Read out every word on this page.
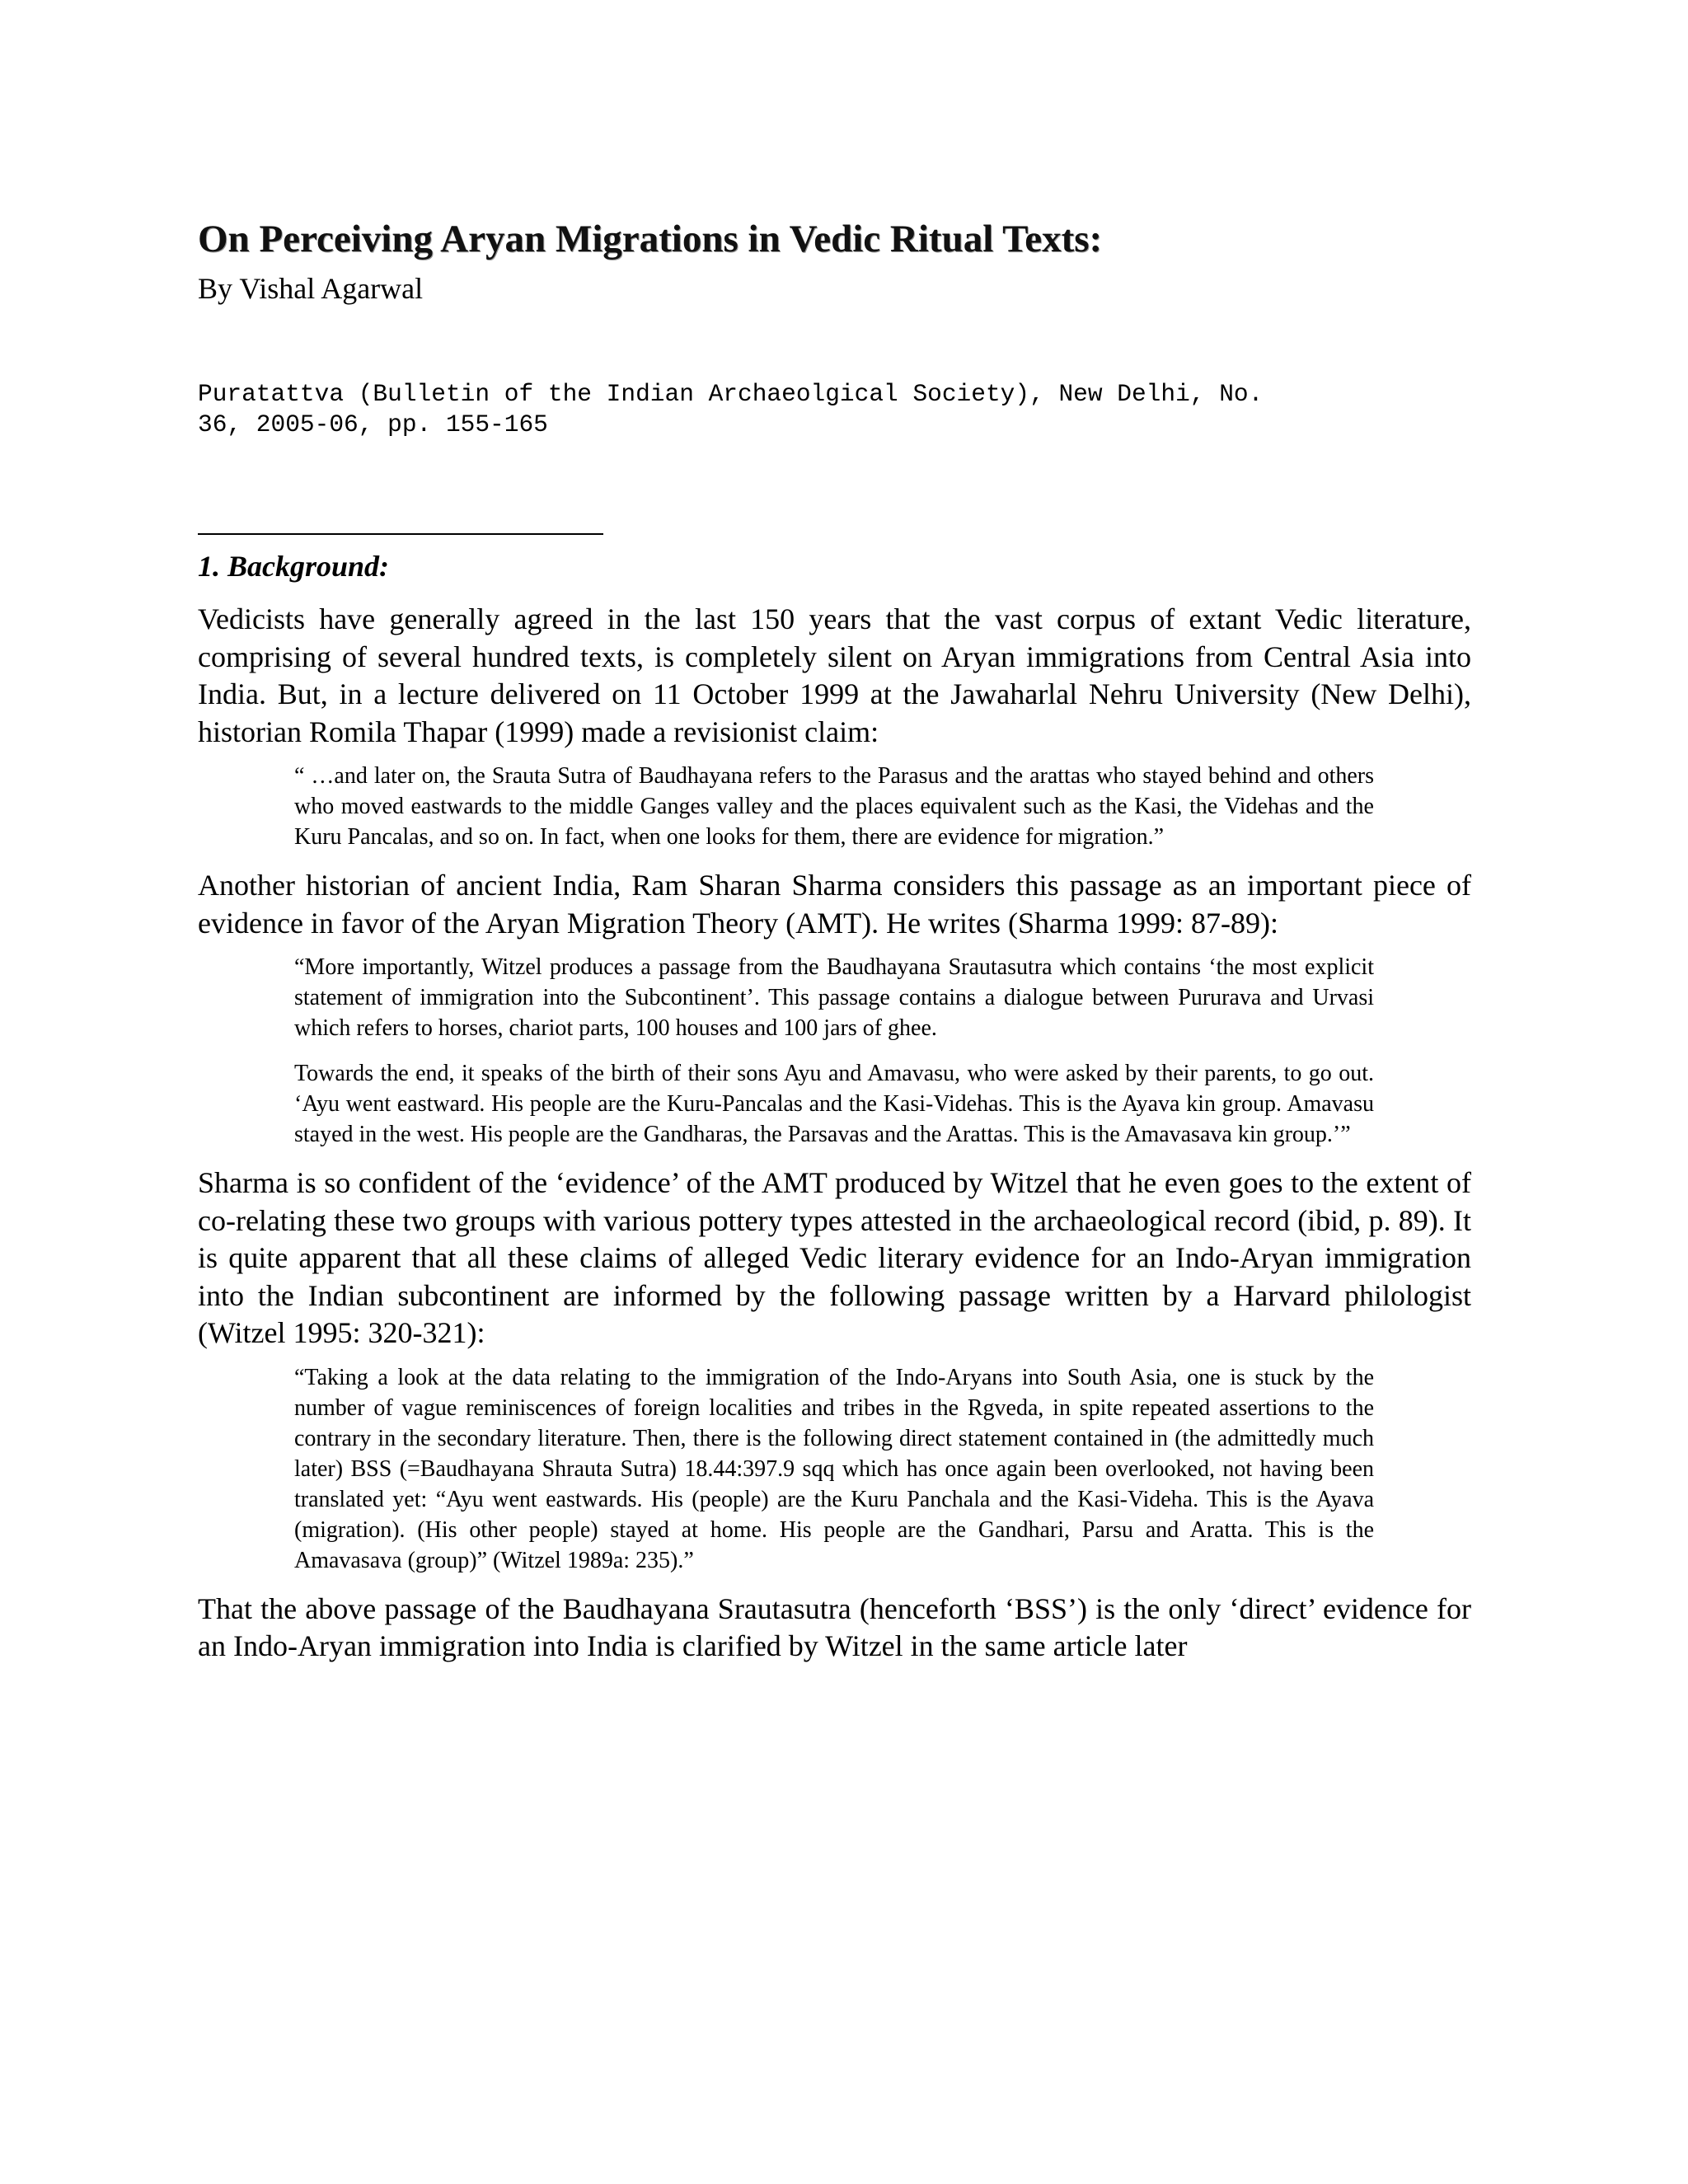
On Perceiving Aryan Migrations in Vedic Ritual Texts:
By Vishal Agarwal
Puratattva (Bulletin of the Indian Archaeolgical Society), New Delhi, No.
36, 2005-06, pp. 155-165
1. Background:

Vedicists have generally agreed in the last 150 years that the vast corpus of extant Vedic literature, comprising of several hundred texts, is completely silent on Aryan immigrations from Central Asia into India. But, in a lecture delivered on 11 October 1999 at the Jawaharlal Nehru University (New Delhi), historian Romila Thapar (1999) made a revisionist claim:

“ …and later on, the Srauta Sutra of Baudhayana refers to the Parasus and the arattas who stayed behind and others who moved eastwards to the middle Ganges valley and the places equivalent such as the Kasi, the Videhas and the Kuru Pancalas, and so on. In fact, when one looks for them, there are evidence for migration.”

Another historian of ancient India, Ram Sharan Sharma considers this passage as an important piece of evidence in favor of the Aryan Migration Theory (AMT). He writes (Sharma 1999: 87-89):

“More importantly, Witzel produces a passage from the Baudhayana Srautasutra which contains ‘the most explicit statement of immigration into the Subcontinent’. This passage contains a dialogue between Pururava and Urvasi which refers to horses, chariot parts, 100 houses and 100 jars of ghee.

Towards the end, it speaks of the birth of their sons Ayu and Amavasu, who were asked by their parents, to go out. ‘Ayu went eastward. His people are the Kuru-Pancalas and the Kasi-Videhas. This is the Ayava kin group. Amavasu stayed in the west. His people are the Gandharas, the Parsavas and the Arattas. This is the Amavasava kin group.’”

Sharma is so confident of the ‘evidence’ of the AMT produced by Witzel that he even goes to the extent of co-relating these two groups with various pottery types attested in the archaeological record (ibid, p. 89). It is quite apparent that all these claims of alleged Vedic literary evidence for an Indo-Aryan immigration into the Indian subcontinent are informed by the following passage written by a Harvard philologist (Witzel 1995: 320-321):

“Taking a look at the data relating to the immigration of the Indo-Aryans into South Asia, one is stuck by the number of vague reminiscences of foreign localities and tribes in the Rgveda, in spite repeated assertions to the contrary in the secondary literature. Then, there is the following direct statement contained in (the admittedly much later) BSS (=Baudhayana Shrauta Sutra) 18.44:397.9 sqq which has once again been overlooked, not having been translated yet: “Ayu went eastwards. His (people) are the Kuru Panchala and the Kasi-Videha. This is the Ayava (migration). (His other people) stayed at home. His people are the Gandhari, Parsu and Aratta. This is the Amavasava (group)” (Witzel 1989a: 235).”

That the above passage of the Baudhayana Srautasutra (henceforth ‘BSS’) is the only ‘direct’ evidence for an Indo-Aryan immigration into India is clarified by Witzel in the same article later
